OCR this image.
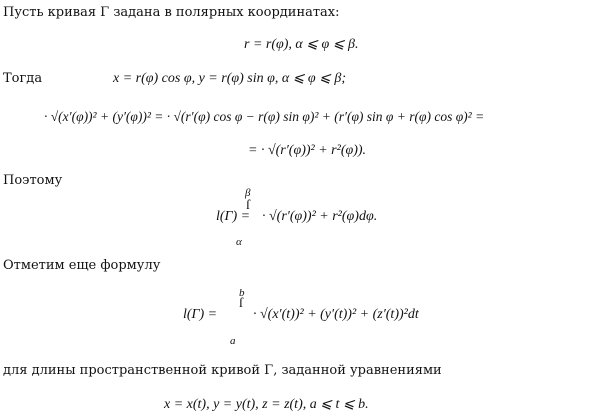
Пусть кривая Γ задана в полярных координатах:
r = r(φ), α ⩽ φ ⩽ β.
Тогда	x = r(φ) cos φ, y = r(φ) sin φ, α ⩽ φ ⩽ β;
· √(x′(φ))² + (y′(φ))² = · √(r′(φ) cos φ − r(φ) sin φ)² + (r′(φ) sin φ + r(φ) cos φ)² =
= · √(r′(φ))² + r²(φ)).
Поэтому
β
ſ
α
l(Γ) = · √(r′(φ))² + r²(φ)dφ.
Отметим еще формулу
b
ſ
a
l(Γ) =	· √(x′(t))² + (y′(t))² + (z′(t))²dt
для длины пространственной кривой Γ, заданной уравнениями
x = x(t), y = y(t), z = z(t), a ⩽ t ⩽ b.
